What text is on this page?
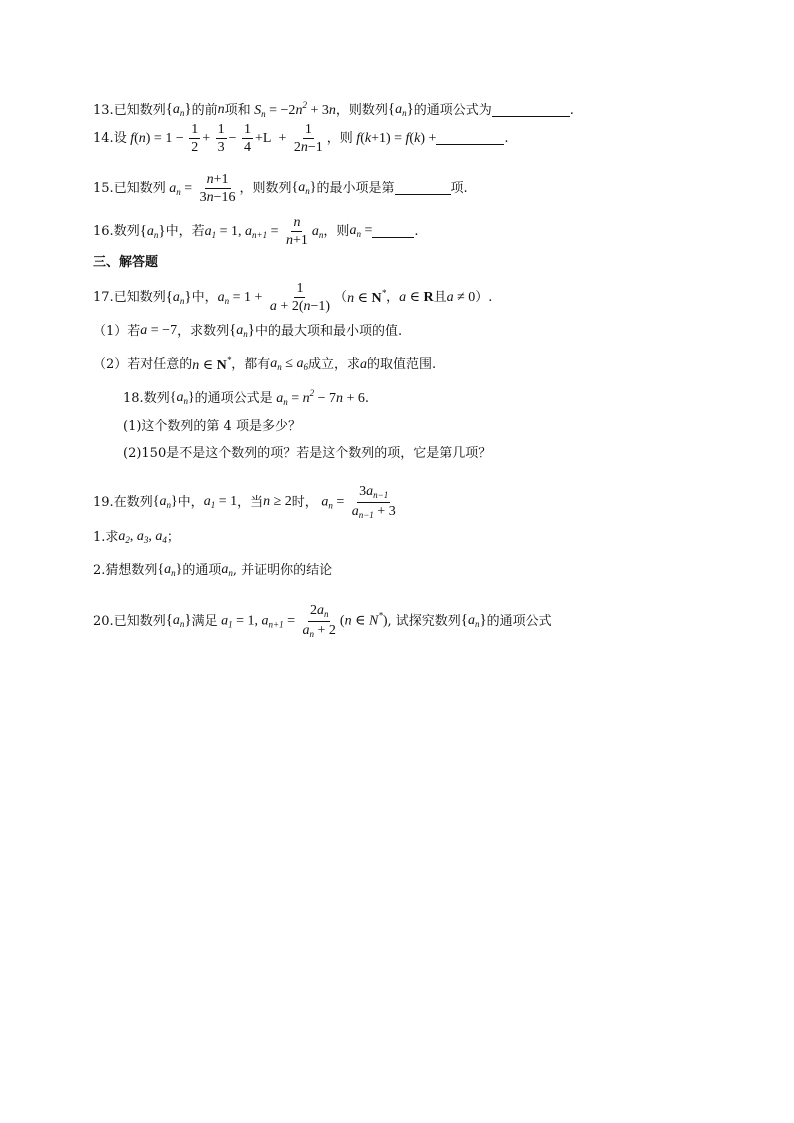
13. 已知数列 $\{a_n\}$ 的前 n 项和 $S_n = -2n^2 + 3n$ ，则数列 $\{a_n\}$ 的通项公式为	.
14. 设 $f(n) = 1 - \frac{1}{2} + \frac{1}{3} - \frac{1}{4} +L + \frac{1}{2n-1}$ ，则 f(k+1) = f(k) +	.
15. 已知数列 $a_n = \frac{n+1}{3n-16}$ ，则数列 $\{a_n\}$ 的最小项是第	项.
16. 数列 $\{a_n\}$ 中，若 $a_1 = 1$, $a_{n+1} = \frac{n}{n+1} a_n$ ，则 $a_n$ =	.
三、解答题
17. 已知数列 $\{a_n\}$ 中， $a_n = 1 + \frac{1}{a + 2(n-1)}$ （ n ∈ N* ， a ∈ R 且 a ≠ 0 ）.
（1）若 a = −7 ，求数列 $\{a_n\}$ 中的最大项和最小项的值.
（2）若对任意的 n ∈ N* ，都有 $a_n \le a_6$ 成立，求 a 的取值范围.
18. 数列 $\{a_n\}$ 的通项公式是 $a_n = n^2 - 7n + 6$ .
(1)这个数列的第 4 项是多少？
(2)150是不是这个数列的项？若是这个数列的项，它是第几项？
19. 在数列 $\{a_n\}$ 中， $a_1 = 1$ ，当 n ≥ 2 时， $a_n = \frac{3a_{n-1}}{a_{n-1} + 3}$
1. 求 $a_2$, $a_3$, $a_4$ ；
2. 猜想数列 $\{a_n\}$ 的通项 $a_n$ , 并证明你的结论
20. 已知数列 $\{a_n\}$ 满足 $a_1 = 1$, $a_{n+1} = \frac{2a_n}{a_n + 2} (n$ ∈ N*) , 试探究数列 $\{a_n\}$ 的通项公式
